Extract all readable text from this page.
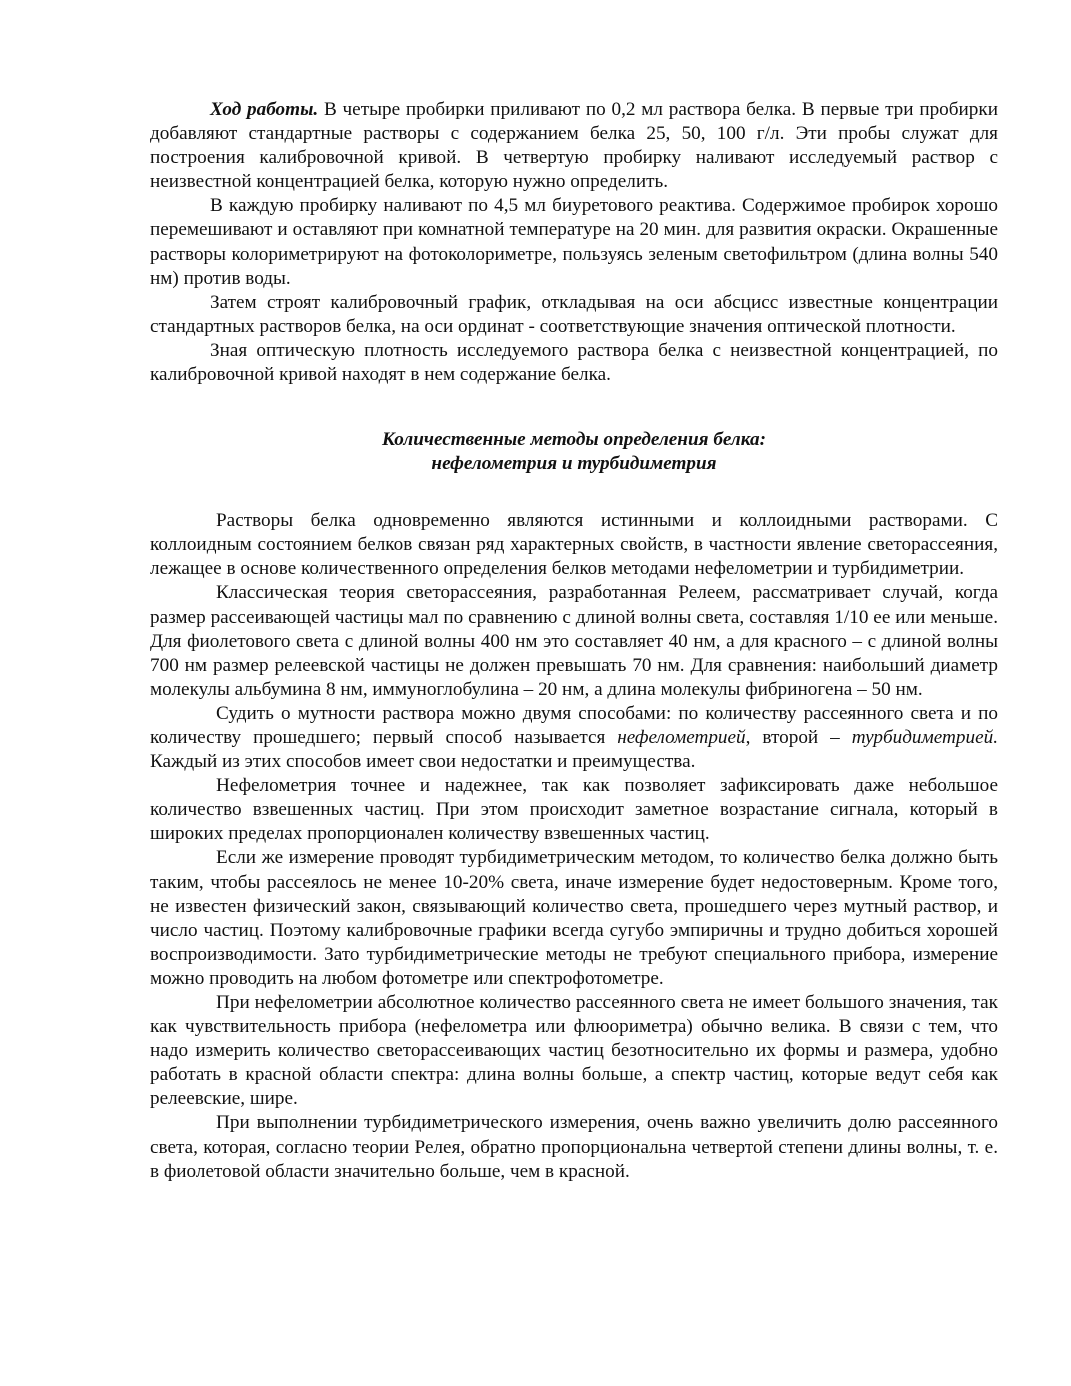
Ход работы. В четыре пробирки приливают по 0,2 мл раствора белка. В первые три пробирки добавляют стандартные растворы с содержанием белка 25, 50, 100 г/л. Эти пробы служат для построения калибровочной кривой. В четвертую пробирку наливают исследуемый раствор с неизвестной концентрацией белка, которую нужно определить.

В каждую пробирку наливают по 4,5 мл биуретового реактива. Содержимое пробирок хорошо перемешивают и оставляют при комнатной температуре на 20 мин. для развития окраски. Окрашенные растворы колориметрируют на фотоколориметре, пользуясь зеленым светофильтром (длина волны 540 нм) против воды.

Затем строят калибровочный график, откладывая на оси абсцисс известные концентрации стандартных растворов белка, на оси ординат - соответствующие значения оптической плотности.

Зная оптическую плотность исследуемого раствора белка с неизвестной концентрацией, по калибровочной кривой находят в нем содержание белка.

Количественные методы определения белка:
нефелометрия и турбидиметрия

Растворы белка одновременно являются истинными и коллоидными растворами. С коллоидным состоянием белков связан ряд характерных свойств, в частности явление светорассеяния, лежащее в основе количественного определения белков методами нефелометрии и турбидиметрии.

Классическая теория светорассеяния, разработанная Релеем, рассматривает случай, когда размер рассеивающей частицы мал по сравнению с длиной волны света, составляя 1/10 ее или меньше. Для фиолетового света с длиной волны 400 нм это составляет 40 нм, а для красного – с длиной волны 700 нм размер релеевской частицы не должен превышать 70 нм. Для сравнения: наибольший диаметр молекулы альбумина 8 нм, иммуноглобулина – 20 нм, а длина молекулы фибриногена – 50 нм.

Судить о мутности раствора можно двумя способами: по количеству рассеянного света и по количеству прошедшего; первый способ называется нефелометрией, второй – турбидиметрией. Каждый из этих способов имеет свои недостатки и преимущества.

Нефелометрия точнее и надежнее, так как позволяет зафиксировать даже небольшое количество взвешенных частиц. При этом происходит заметное возрастание сигнала, который в широких пределах пропорционален количеству взвешенных частиц.

Если же измерение проводят турбидиметрическим методом, то количество белка должно быть таким, чтобы рассеялось не менее 10-20% света, иначе измерение будет недостоверным. Кроме того, не известен физический закон, связывающий количество света, прошедшего через мутный раствор, и число частиц. Поэтому калибровочные графики всегда сугубо эмпиричны и трудно добиться хорошей воспроизводимости. Зато турбидиметрические методы не требуют специального прибора, измерение можно проводить на любом фотометре или спектрофотометре.

При нефелометрии абсолютное количество рассеянного света не имеет большого значения, так как чувствительность прибора (нефелометра или флюориметра) обычно велика. В связи с тем, что надо измерить количество светорассеивающих частиц безотносительно их формы и размера, удобно работать в красной области спектра: длина волны больше, а спектр частиц, которые ведут себя как релеевские, шире.

При выполнении турбидиметрического измерения, очень важно увеличить долю рассеянного света, которая, согласно теории Релея, обратно пропорциональна четвертой степени длины волны, т. е. в фиолетовой области значительно больше, чем в красной.
